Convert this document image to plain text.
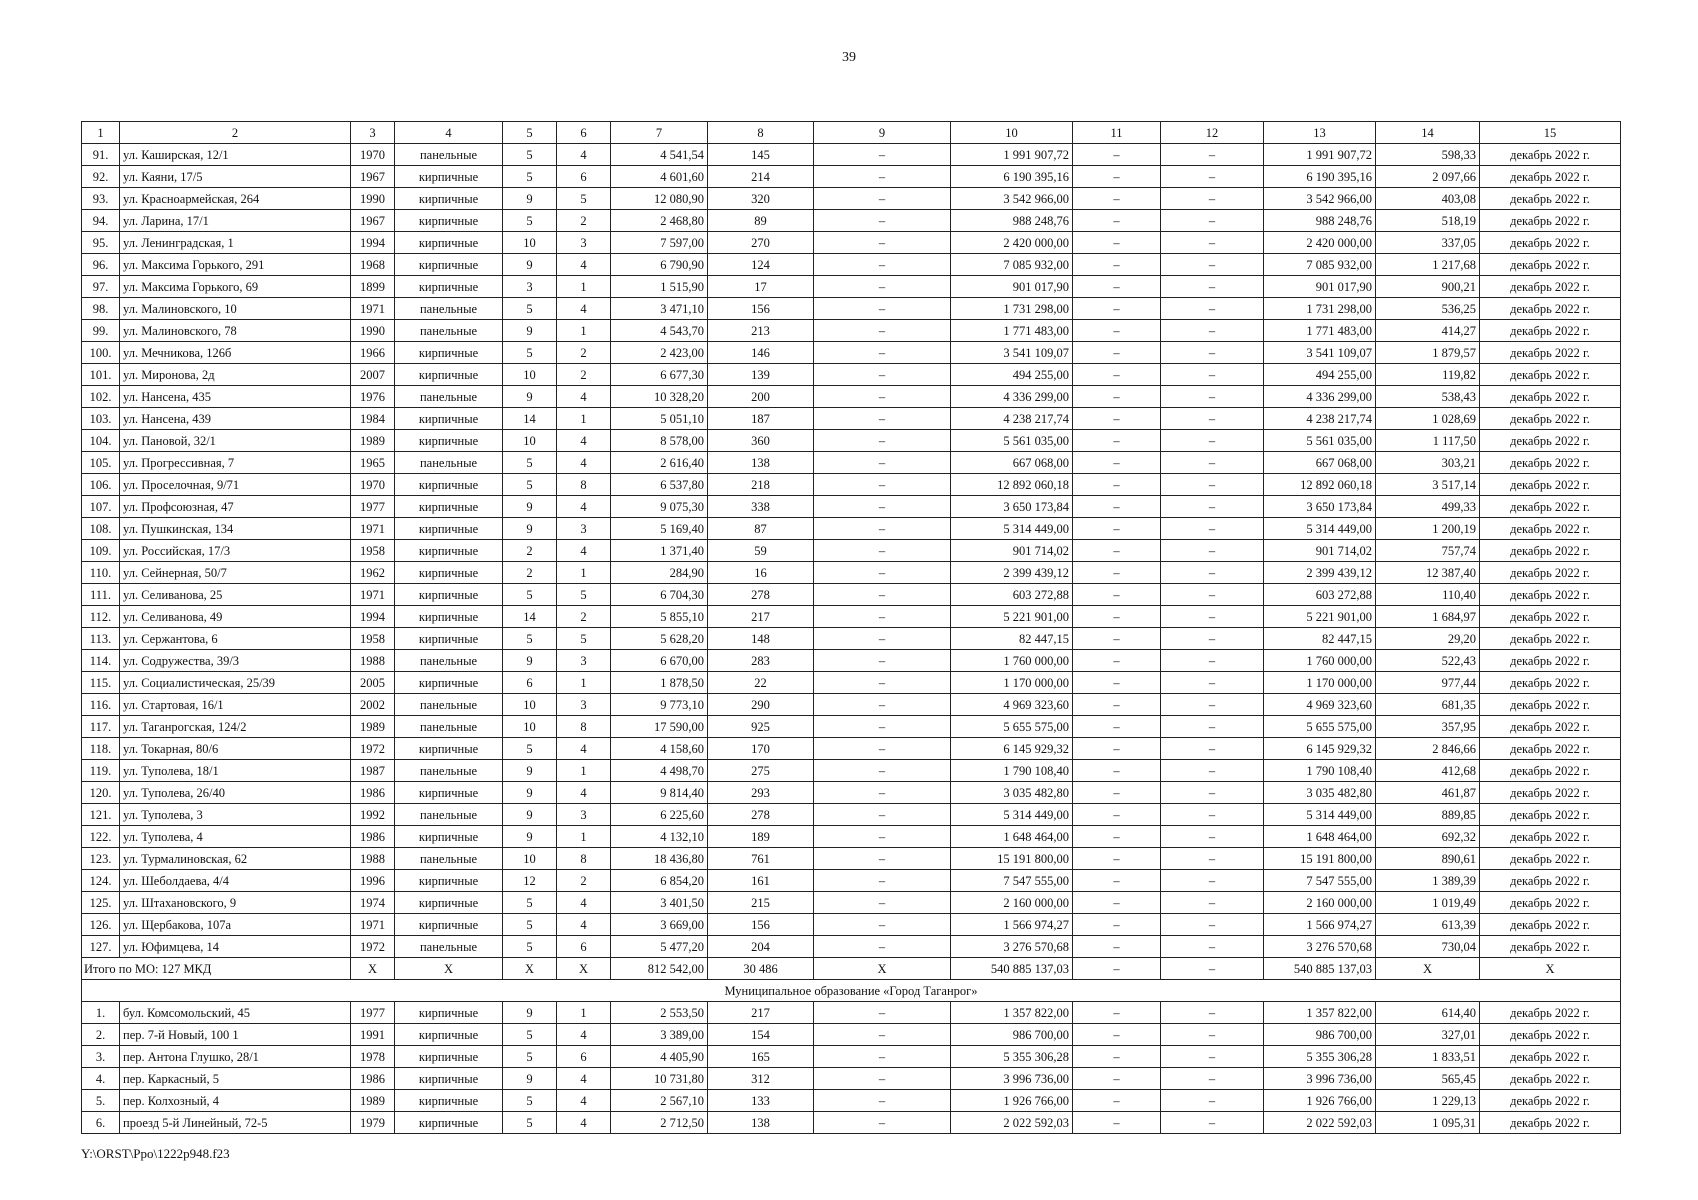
39
1	2	3	4	5	6	7	8	9	10	11	12	13	14	15
91.	ул. Каширская, 12/1	1970	панельные	5	4	4 541,54	145	–	1 991 907,72	–	–	1 991 907,72	598,33	декабрь 2022 г.
92.	ул. Каяни, 17/5	1967	кирпичные	5	6	4 601,60	214	–	6 190 395,16	–	–	6 190 395,16	2 097,66	декабрь 2022 г.
93.	ул. Красноармейская, 264	1990	кирпичные	9	5	12 080,90	320	–	3 542 966,00	–	–	3 542 966,00	403,08	декабрь 2022 г.
94.	ул. Ларина, 17/1	1967	кирпичные	5	2	2 468,80	89	–	988 248,76	–	–	988 248,76	518,19	декабрь 2022 г.
95.	ул. Ленинградская, 1	1994	кирпичные	10	3	7 597,00	270	–	2 420 000,00	–	–	2 420 000,00	337,05	декабрь 2022 г.
96.	ул. Максима Горького, 291	1968	кирпичные	9	4	6 790,90	124	–	7 085 932,00	–	–	7 085 932,00	1 217,68	декабрь 2022 г.
97.	ул. Максима Горького, 69	1899	кирпичные	3	1	1 515,90	17	–	901 017,90	–	–	901 017,90	900,21	декабрь 2022 г.
98.	ул. Малиновского, 10	1971	панельные	5	4	3 471,10	156	–	1 731 298,00	–	–	1 731 298,00	536,25	декабрь 2022 г.
99.	ул. Малиновского, 78	1990	панельные	9	1	4 543,70	213	–	1 771 483,00	–	–	1 771 483,00	414,27	декабрь 2022 г.
100.	ул. Мечникова, 126б	1966	кирпичные	5	2	2 423,00	146	–	3 541 109,07	–	–	3 541 109,07	1 879,57	декабрь 2022 г.
101.	ул. Миронова, 2д	2007	кирпичные	10	2	6 677,30	139	–	494 255,00	–	–	494 255,00	119,82	декабрь 2022 г.
102.	ул. Нансена, 435	1976	панельные	9	4	10 328,20	200	–	4 336 299,00	–	–	4 336 299,00	538,43	декабрь 2022 г.
103.	ул. Нансена, 439	1984	кирпичные	14	1	5 051,10	187	–	4 238 217,74	–	–	4 238 217,74	1 028,69	декабрь 2022 г.
104.	ул. Пановой, 32/1	1989	кирпичные	10	4	8 578,00	360	–	5 561 035,00	–	–	5 561 035,00	1 117,50	декабрь 2022 г.
105.	ул. Прогрессивная, 7	1965	панельные	5	4	2 616,40	138	–	667 068,00	–	–	667 068,00	303,21	декабрь 2022 г.
106.	ул. Проселочная, 9/71	1970	кирпичные	5	8	6 537,80	218	–	12 892 060,18	–	–	12 892 060,18	3 517,14	декабрь 2022 г.
107.	ул. Профсоюзная, 47	1977	кирпичные	9	4	9 075,30	338	–	3 650 173,84	–	–	3 650 173,84	499,33	декабрь 2022 г.
108.	ул. Пушкинская, 134	1971	кирпичные	9	3	5 169,40	87	–	5 314 449,00	–	–	5 314 449,00	1 200,19	декабрь 2022 г.
109.	ул. Российская, 17/3	1958	кирпичные	2	4	1 371,40	59	–	901 714,02	–	–	901 714,02	757,74	декабрь 2022 г.
110.	ул. Сейнерная, 50/7	1962	кирпичные	2	1	284,90	16	–	2 399 439,12	–	–	2 399 439,12	12 387,40	декабрь 2022 г.
111.	ул. Селиванова, 25	1971	кирпичные	5	5	6 704,30	278	–	603 272,88	–	–	603 272,88	110,40	декабрь 2022 г.
112.	ул. Селиванова, 49	1994	кирпичные	14	2	5 855,10	217	–	5 221 901,00	–	–	5 221 901,00	1 684,97	декабрь 2022 г.
113.	ул. Сержантова, 6	1958	кирпичные	5	5	5 628,20	148	–	82 447,15	–	–	82 447,15	29,20	декабрь 2022 г.
114.	ул. Содружества, 39/3	1988	панельные	9	3	6 670,00	283	–	1 760 000,00	–	–	1 760 000,00	522,43	декабрь 2022 г.
115.	ул. Социалистическая, 25/39	2005	кирпичные	6	1	1 878,50	22	–	1 170 000,00	–	–	1 170 000,00	977,44	декабрь 2022 г.
116.	ул. Стартовая, 16/1	2002	панельные	10	3	9 773,10	290	–	4 969 323,60	–	–	4 969 323,60	681,35	декабрь 2022 г.
117.	ул. Таганрогская, 124/2	1989	панельные	10	8	17 590,00	925	–	5 655 575,00	–	–	5 655 575,00	357,95	декабрь 2022 г.
118.	ул. Токарная, 80/6	1972	кирпичные	5	4	4 158,60	170	–	6 145 929,32	–	–	6 145 929,32	2 846,66	декабрь 2022 г.
119.	ул. Туполева, 18/1	1987	панельные	9	1	4 498,70	275	–	1 790 108,40	–	–	1 790 108,40	412,68	декабрь 2022 г.
120.	ул. Туполева, 26/40	1986	кирпичные	9	4	9 814,40	293	–	3 035 482,80	–	–	3 035 482,80	461,87	декабрь 2022 г.
121.	ул. Туполева, 3	1992	панельные	9	3	6 225,60	278	–	5 314 449,00	–	–	5 314 449,00	889,85	декабрь 2022 г.
122.	ул. Туполева, 4	1986	кирпичные	9	1	4 132,10	189	–	1 648 464,00	–	–	1 648 464,00	692,32	декабрь 2022 г.
123.	ул. Турмалиновская, 62	1988	панельные	10	8	18 436,80	761	–	15 191 800,00	–	–	15 191 800,00	890,61	декабрь 2022 г.
124.	ул. Шеболдаева, 4/4	1996	кирпичные	12	2	6 854,20	161	–	7 547 555,00	–	–	7 547 555,00	1 389,39	декабрь 2022 г.
125.	ул. Штахановского, 9	1974	кирпичные	5	4	3 401,50	215	–	2 160 000,00	–	–	2 160 000,00	1 019,49	декабрь 2022 г.
126.	ул. Щербакова, 107а	1971	кирпичные	5	4	3 669,00	156	–	1 566 974,27	–	–	1 566 974,27	613,39	декабрь 2022 г.
127.	ул. Юфимцева, 14	1972	панельные	5	6	5 477,20	204	–	3 276 570,68	–	–	3 276 570,68	730,04	декабрь 2022 г.
Итого по МО: 127 МКД		X	X	X	X	812 542,00	30 486	X	540 885 137,03	–	–	540 885 137,03	X	X
Муниципальное образование «Город Таганрог»														
1.	бул. Комсомольский, 45	1977	кирпичные	9	1	2 553,50	217	–	1 357 822,00	–	–	1 357 822,00	614,40	декабрь 2022 г.
2.	пер. 7-й Новый, 100 1	1991	кирпичные	5	4	3 389,00	154	–	986 700,00	–	–	986 700,00	327,01	декабрь 2022 г.
3.	пер. Антона Глушко, 28/1	1978	кирпичные	5	6	4 405,90	165	–	5 355 306,28	–	–	5 355 306,28	1 833,51	декабрь 2022 г.
4.	пер. Каркасный, 5	1986	кирпичные	9	4	10 731,80	312	–	3 996 736,00	–	–	3 996 736,00	565,45	декабрь 2022 г.
5.	пер. Колхозный, 4	1989	кирпичные	5	4	2 567,10	133	–	1 926 766,00	–	–	1 926 766,00	1 229,13	декабрь 2022 г.
6.	проезд 5-й Линейный, 72-5	1979	кирпичные	5	4	2 712,50	138	–	2 022 592,03	–	–	2 022 592,03	1 095,31	декабрь 2022 г.
Y:\ORST\Ppo\1222p948.f23
